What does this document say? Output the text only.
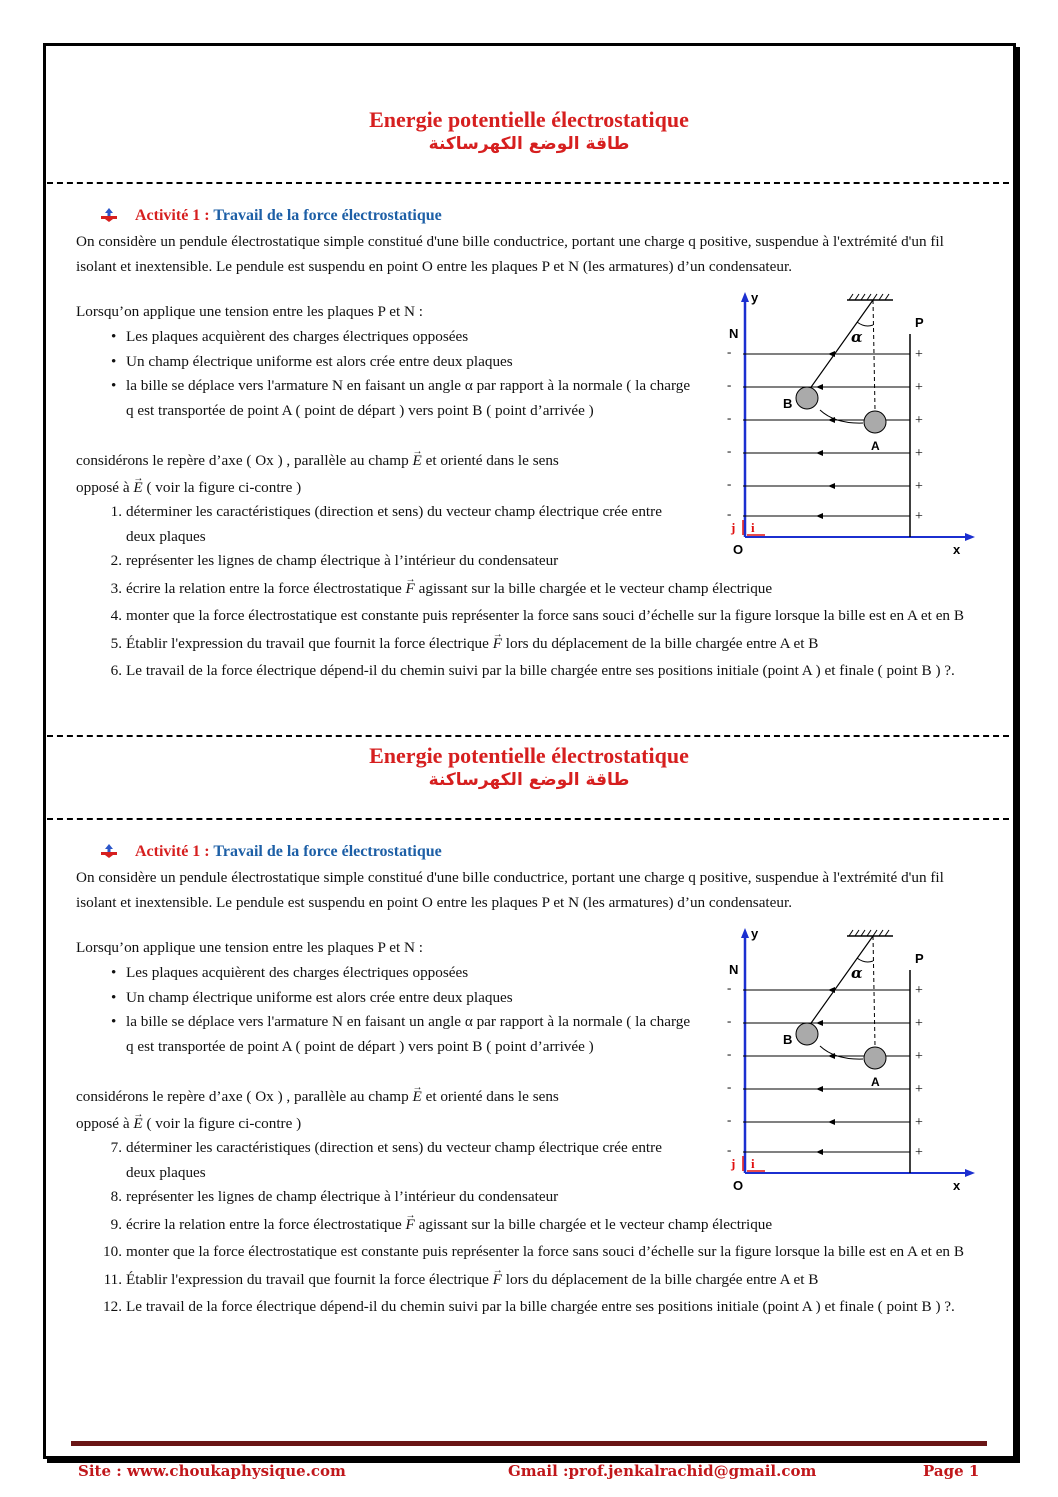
Energie potentielle électrostatique
طاقة الوضع الكهرساكنة
Activité 1 : Travail de la force électrostatique
On considère un pendule électrostatique simple constitué d'une bille conductrice, portant une charge q positive, suspendue à l'extrémité d'un fil isolant et inextensible. Le pendule est suspendu en point O entre les plaques P et N (les armatures) d’un condensateur.
Lorsqu’on applique une tension entre les plaques P et N :
• Les plaques acquièrent des charges électriques opposées
• Un champ électrique uniforme est alors crée entre deux plaques
• la bille se déplace vers l'armature N en faisant un angle α par rapport à la normale ( la charge q est transportée de point A ( point de départ ) vers point B ( point d’arrivée )
considérons le repère d’axe ( Ox ) , parallèle au champ → E et orienté dans le sens
opposé à → E ( voir la figure ci-contre )
1. déterminer les caractéristiques (direction et sens) du vecteur champ électrique crée entre deux plaques
2. représenter les lignes de champ électrique à l’intérieur du condensateur
3. écrire la relation entre la force électrostatique → F agissant sur la bille chargée et le vecteur champ électrique
4. monter que la force électrostatique est constante puis représenter la force sans souci d’échelle sur la figure lorsque la bille est en A et en B
5. Établir l'expression du travail que fournit la force électrique → F lors du déplacement de la bille chargée entre A et B
6. Le travail de la force électrique dépend-il du chemin suivi par la bille chargée entre ses positions initiale (point A ) et finale ( point B ) ?.
y
x
O
N
P
-	+
-	+
-	+
-	+
-	+
-	+
α
B
A
i
j
Energie potentielle électrostatique
طاقة الوضع الكهرساكنة
Activité 1 : Travail de la force électrostatique
On considère un pendule électrostatique simple constitué d'une bille conductrice, portant une charge q positive, suspendue à l'extrémité d'un fil isolant et inextensible. Le pendule est suspendu en point O entre les plaques P et N (les armatures) d’un condensateur.
Lorsqu’on applique une tension entre les plaques P et N :
• Les plaques acquièrent des charges électriques opposées
• Un champ électrique uniforme est alors crée entre deux plaques
• la bille se déplace vers l'armature N en faisant un angle α par rapport à la normale ( la charge q est transportée de point A ( point de départ ) vers point B ( point d’arrivée )
considérons le repère d’axe ( Ox ) , parallèle au champ → E et orienté dans le sens
opposé à → E ( voir la figure ci-contre )
7. déterminer les caractéristiques (direction et sens) du vecteur champ électrique crée entre deux plaques
8. représenter les lignes de champ électrique à l’intérieur du condensateur
9. écrire la relation entre la force électrostatique → F agissant sur la bille chargée et le vecteur champ électrique
10. monter que la force électrostatique est constante puis représenter la force sans souci d’échelle sur la figure lorsque la bille est en A et en B
11. Établir l'expression du travail que fournit la force électrique → F lors du déplacement de la bille chargée entre A et B
12. Le travail de la force électrique dépend-il du chemin suivi par la bille chargée entre ses positions initiale (point A ) et finale ( point B ) ?.
y
x
O
N
P
-	+
-	+
-	+
-	+
-	+
-	+
α
B
A
i
j
Site : www.choukaphysique.com	Gmail :prof.jenkalrachid@gmail.com	Page 1
